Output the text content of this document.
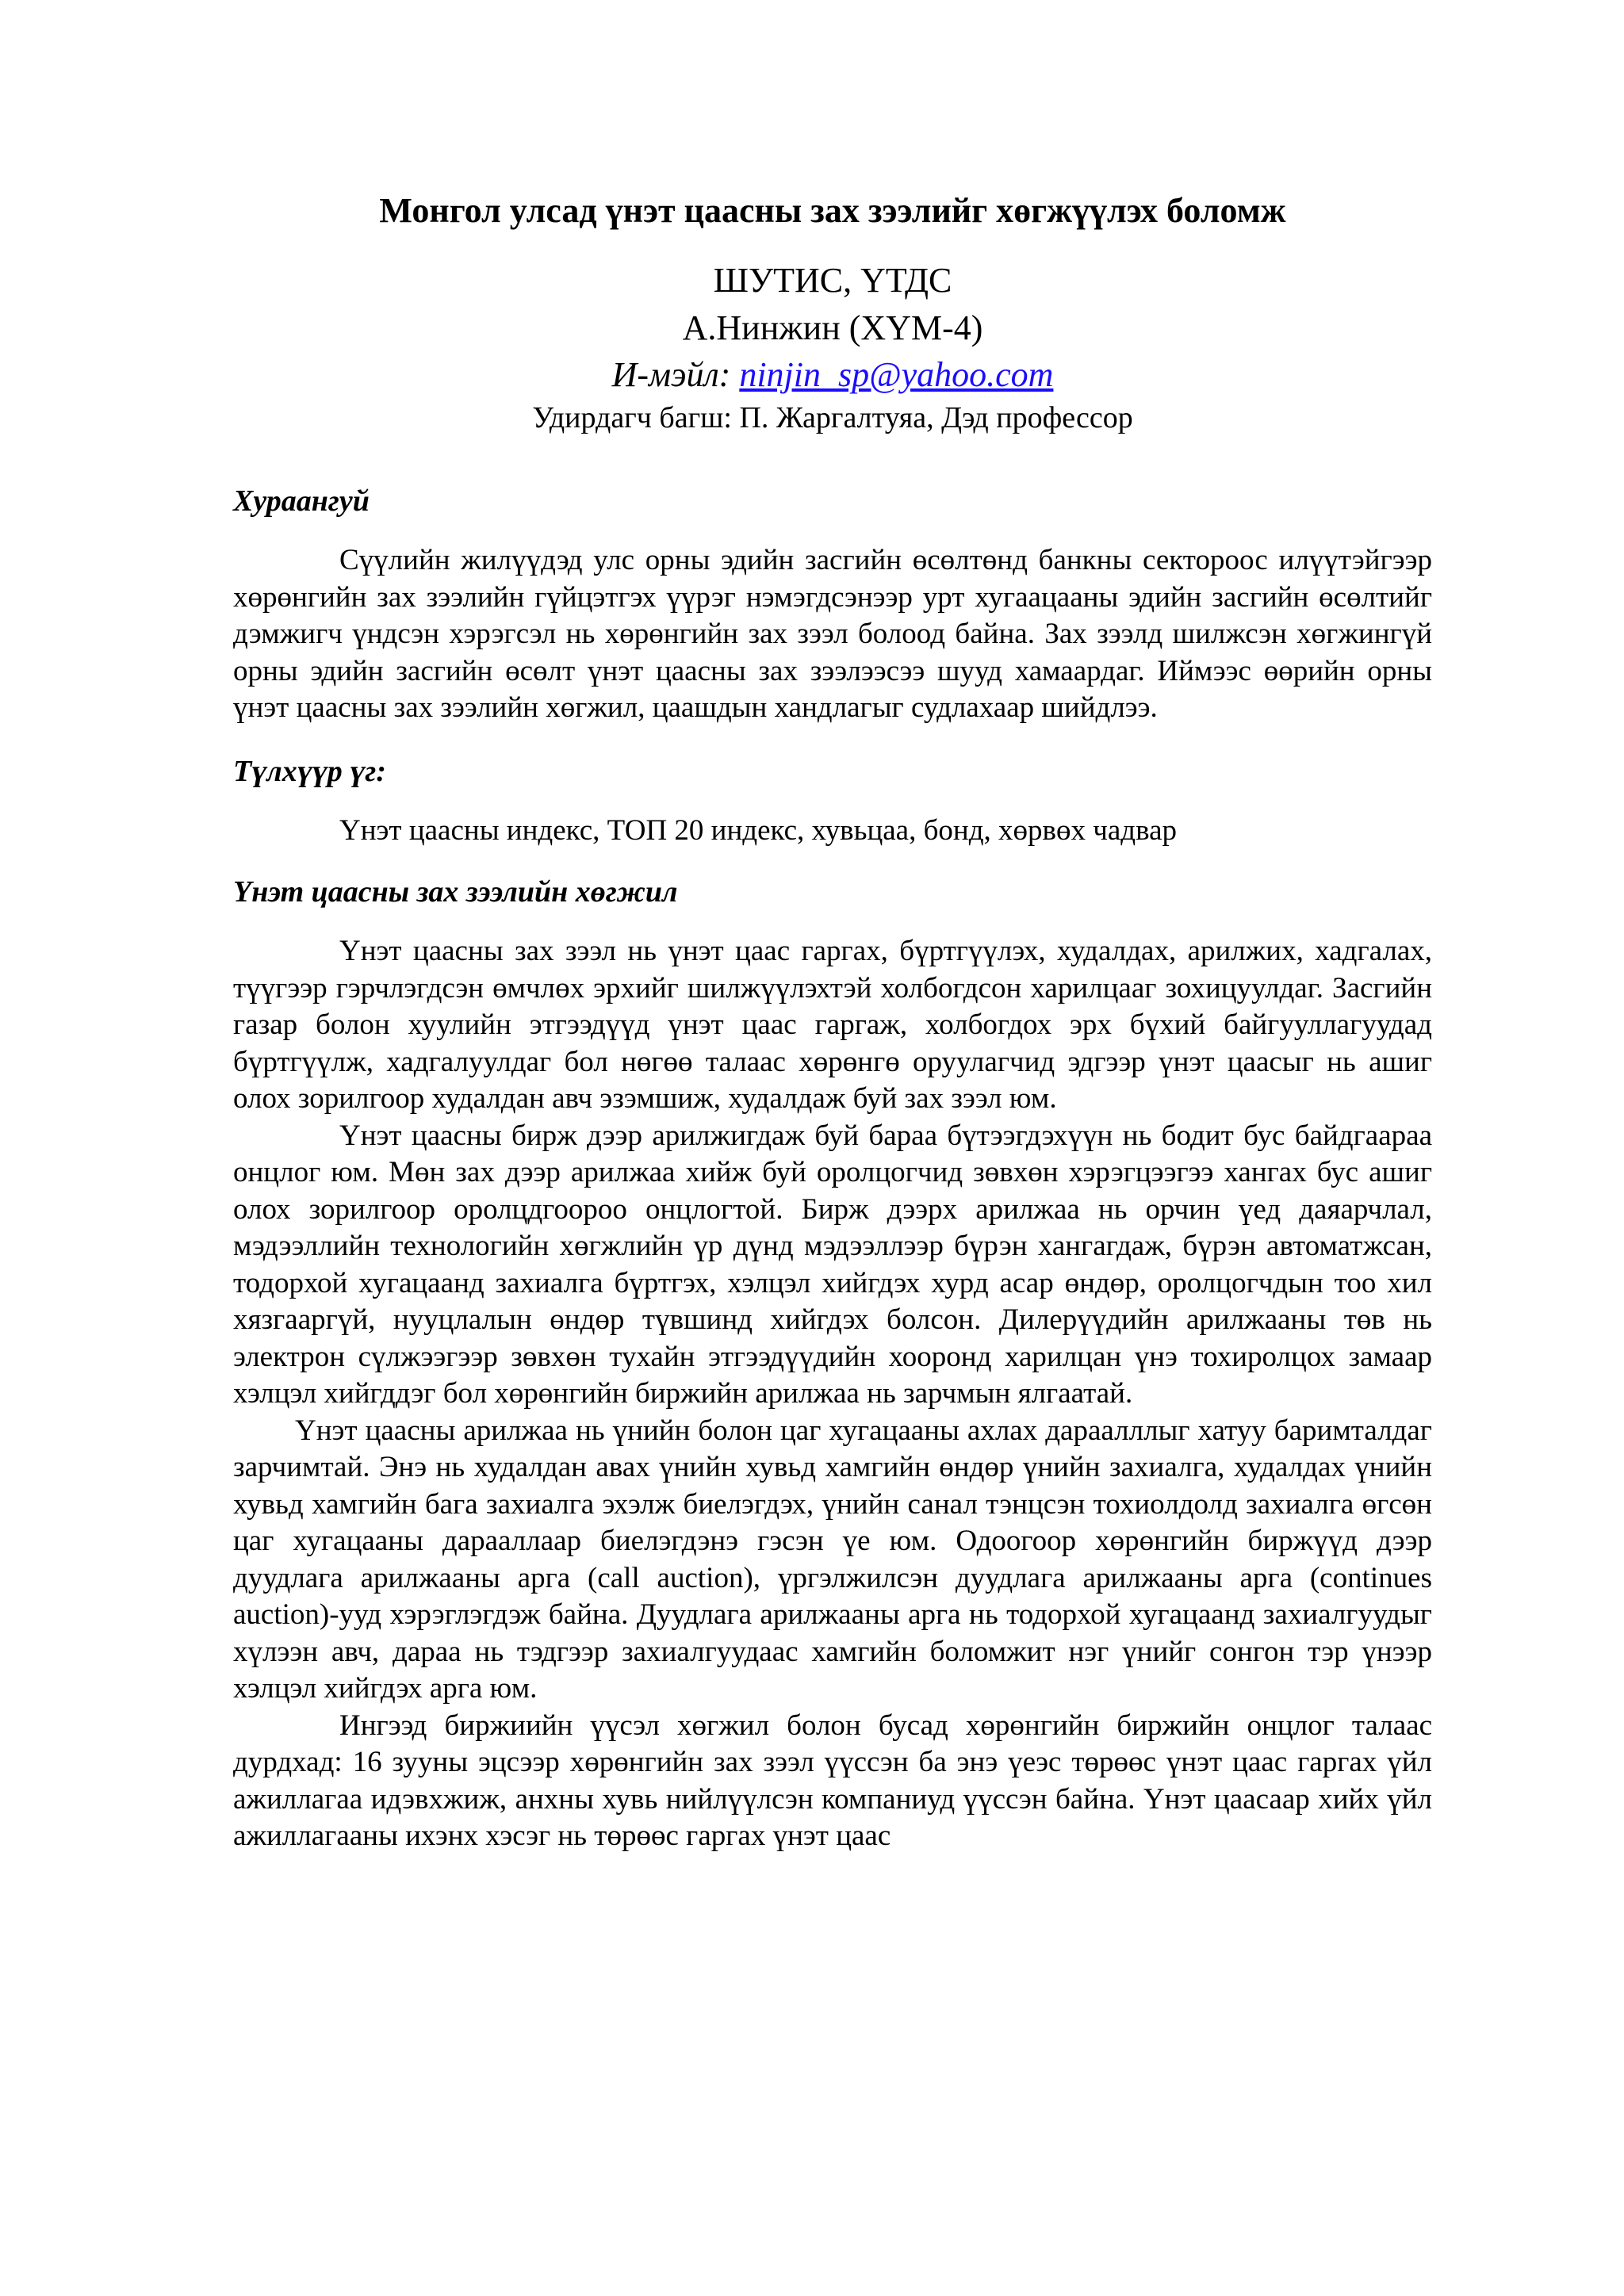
Монгол улсад үнэт цаасны зах зээлийг хөгжүүлэх боломж
ШУТИС, ҮТДС
А.Нинжин (ХҮМ-4)
И-мэйл: ninjin_sp@yahoo.com
Удирдагч багш: П. Жаргалтуяа, Дэд профессор
Хураангуй

Сүүлийн жилүүдэд улс орны эдийн засгийн өсөлтөнд банкны сектороос илүүтэйгээр хөрөнгийн зах зээлийн гүйцэтгэх үүрэг нэмэгдсэнээр урт хугаацааны эдийн засгийн өсөлтийг дэмжигч үндсэн хэрэгсэл нь хөрөнгийн зах зээл болоод байна. Зах зээлд шилжсэн хөгжингүй орны эдийн засгийн өсөлт үнэт цаасны зах зээлээсээ шууд хамаардаг. Иймээс өөрийн орны үнэт цаасны зах зээлийн хөгжил, цаашдын хандлагыг судлахаар шийдлээ.

Түлхүүр үг:

Үнэт цаасны индекс, ТОП 20 индекс, хувьцаа, бонд, хөрвөх чадвар

Үнэт цаасны зах зээлийн хөгжил

Үнэт цаасны зах зээл нь үнэт цаас гаргах, бүртгүүлэх, худалдах, арилжих, хадгалах, түүгээр гэрчлэгдсэн өмчлөх эрхийг шилжүүлэхтэй холбогдсон харилцааг зохицуулдаг. Засгийн газар болон хуулийн этгээдүүд үнэт цаас гаргаж, холбогдох эрх бүхий байгууллагуудад бүртгүүлж, хадгалуулдаг бол нөгөө талаас хөрөнгө оруулагчид эдгээр үнэт цаасыг нь ашиг олох зорилгоор худалдан авч эзэмшиж, худалдаж буй зах зээл юм.

Үнэт цаасны бирж дээр арилжигдаж буй бараа бүтээгдэхүүн нь бодит бус байдгаараа онцлог юм. Мөн зах дээр арилжаа хийж буй оролцогчид зөвхөн хэрэгцээгээ хангах бус ашиг олох зорилгоор оролцдгоороо онцлогтой. Бирж дээрх арилжаа нь орчин үед даяарчлал, мэдээллийн технологийн хөгжлийн үр дүнд мэдээллээр бүрэн хангагдаж, бүрэн автоматжсан, тодорхой хугацаанд захиалга бүртгэх, хэлцэл хийгдэх хурд асар өндөр, оролцогчдын тоо хил хязгааргүй, нууцлалын өндөр түвшинд хийгдэх болсон. Дилерүүдийн арилжааны төв нь электрон сүлжээгээр зөвхөн тухайн этгээдүүдийн хооронд харилцан үнэ тохиролцох замаар хэлцэл хийгддэг бол хөрөнгийн биржийн арилжаа нь зарчмын ялгаатай.

Үнэт цаасны арилжаа нь үнийн болон цаг хугацааны ахлах дараалллыг хатуу баримталдаг зарчимтай. Энэ нь худалдан авах үнийн хувьд хамгийн өндөр үнийн захиалга, худалдах үнийн хувьд хамгийн бага захиалга эхэлж биелэгдэх, үнийн санал тэнцсэн тохиолдолд захиалга өгсөн цаг хугацааны дарааллаар биелэгдэнэ гэсэн үе юм. Одоогоор хөрөнгийн биржүүд дээр дуудлага арилжааны арга (call auction), үргэлжилсэн дуудлага арилжааны арга (continues auction)-ууд хэрэглэгдэж байна. Дуудлага арилжааны арга нь тодорхой хугацаанд захиалгуудыг хүлээн авч, дараа нь тэдгээр захиалгуудаас хамгийн боломжит нэг үнийг сонгон тэр үнээр хэлцэл хийгдэх арга юм.

Ингээд биржиийн үүсэл хөгжил болон бусад хөрөнгийн биржийн онцлог талаас дурдхад: 16 зууны эцсээр хөрөнгийн зах зээл үүссэн ба энэ үеэс төрөөс үнэт цаас гаргах үйл ажиллагаа идэвхжиж, анхны хувь нийлүүлсэн компаниуд үүссэн байна. Үнэт цаасаар хийх үйл ажиллагааны ихэнх хэсэг нь төрөөс гаргах үнэт цаас
